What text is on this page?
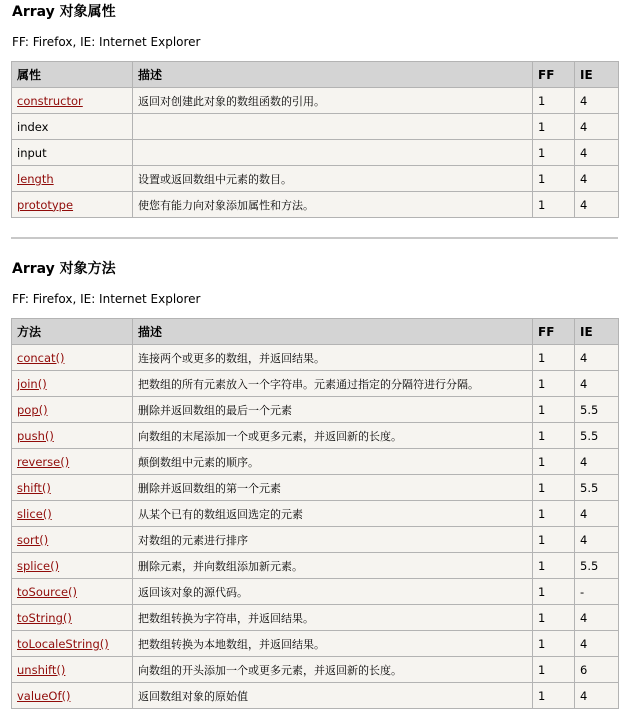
Array 对象属性

FF: Firefox, IE: Internet Explorer

属性	描述	FF	IE
constructor	返回对创建此对象的数组函数的引用。	1	4
index		1	4
input		1	4
length	设置或返回数组中元素的数目。	1	4
prototype	使您有能力向对象添加属性和方法。	1	4
Array 对象方法

FF: Firefox, IE: Internet Explorer

方法	描述	FF	IE
concat()	连接两个或更多的数组，并返回结果。	1	4
join()	把数组的所有元素放入一个字符串。元素通过指定的分隔符进行分隔。	1	4
pop()	删除并返回数组的最后一个元素	1	5.5
push()	向数组的末尾添加一个或更多元素，并返回新的长度。	1	5.5
reverse()	颠倒数组中元素的顺序。	1	4
shift()	删除并返回数组的第一个元素	1	5.5
slice()	从某个已有的数组返回选定的元素	1	4
sort()	对数组的元素进行排序	1	4
splice()	删除元素，并向数组添加新元素。	1	5.5
toSource()	返回该对象的源代码。	1	-
toString()	把数组转换为字符串，并返回结果。	1	4
toLocaleString()	把数组转换为本地数组，并返回结果。	1	4
unshift()	向数组的开头添加一个或更多元素，并返回新的长度。	1	6
valueOf()	返回数组对象的原始值	1	4
